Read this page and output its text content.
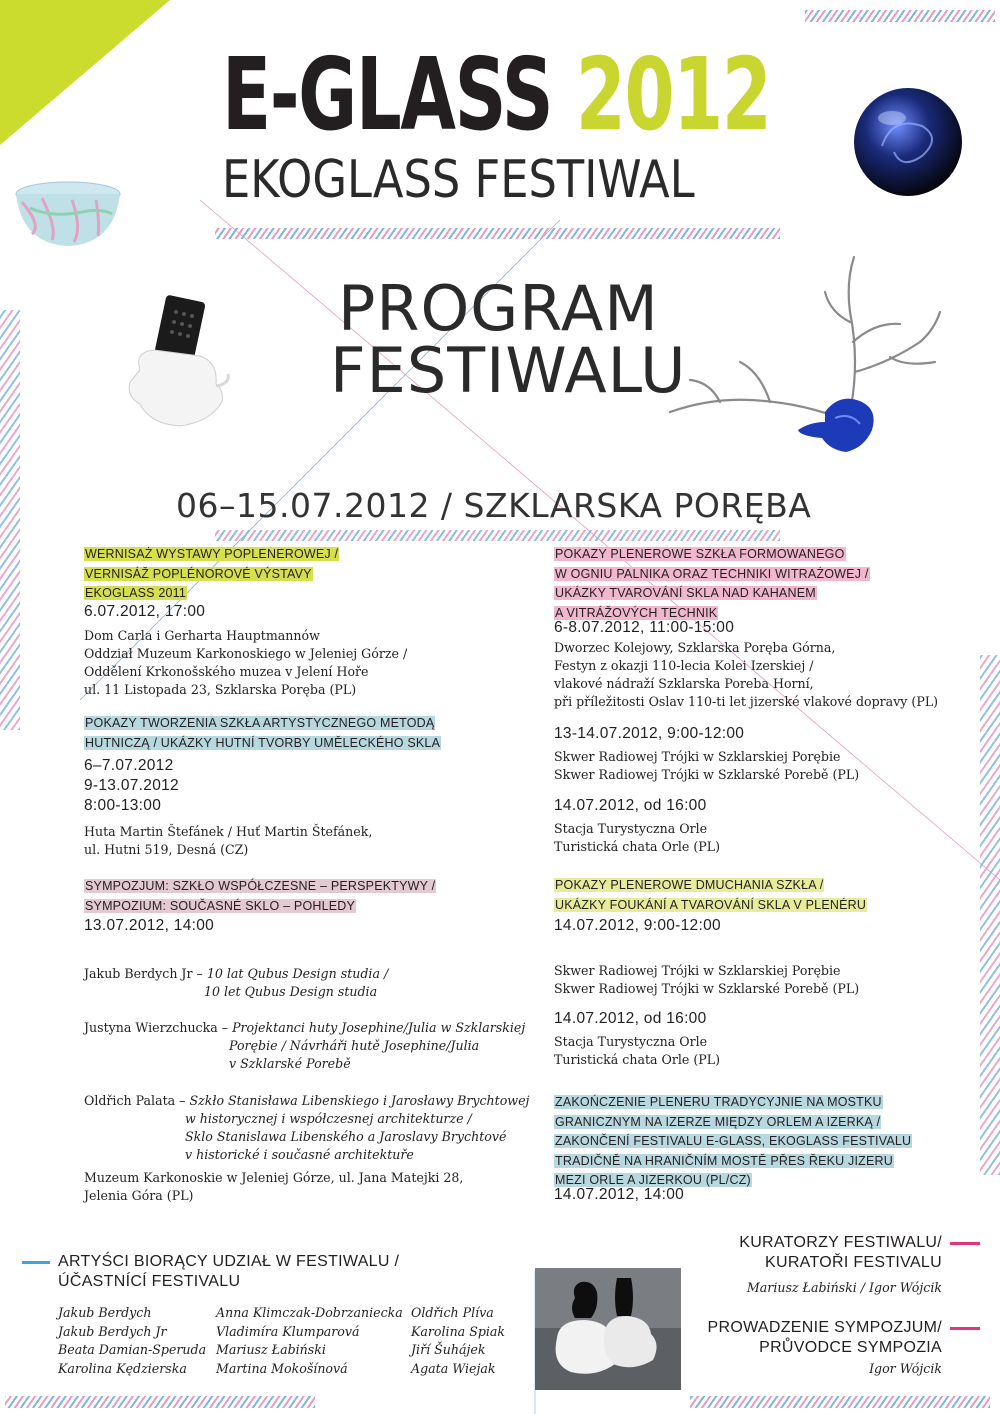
E-GLASS 2012
EKOGLASS FESTIWAL
PROGRAM
FESTIWALU
06–15.07.2012 / SZKLARSKA PORĘBA
WERNISAŻ WYSTAWY POPLENEROWEJ /
VERNISÁŽ POPLÉNOROVÉ VÝSTAVY
EKOGLASS 2011
6.07.2012, 17:00
Dom Carla i Gerharta Hauptmannów
Oddział Muzeum Karkonoskiego w Jeleniej Górze /
Oddělení Krkonošského muzea v Jelení Hoře
ul. 11 Listopada 23, Szklarska Poręba (PL)
POKAZY TWORZENIA SZKŁA ARTYSTYCZNEGO METODĄ
HUTNICZĄ / UKÁZKY HUTNÍ TVORBY UMĚLECKÉHO SKLA
6–7.07.2012
9-13.07.2012
8:00-13:00
Huta Martin Štefánek / Huť Martin Štefánek,
ul. Hutni 519, Desná (CZ)
SYMPOZJUM: SZKŁO WSPÓŁCZESNE – PERSPEKTYWY /
SYMPOZIUM: SOUČASNÉ SKLO – POHLEDY
13.07.2012, 14:00
Jakub Berdych Jr – 10 lat Qubus Design studia /
10 let Qubus Design studia
Justyna Wierzchucka – Projektanci huty Josephine/Julia w Szklarskiej
Porębie / Návrháři hutě Josephine/Julia
v Szklarské Porebě
Oldřich Palata – Szkło Stanisława Libenskiego i Jarosławy Brychtowej
w historycznej i współczesnej architekturze /
Sklo Stanislawa Libenského a Jaroslavy Brychtové
v historické i současné architektuře
Muzeum Karkonoskie w Jeleniej Górze, ul. Jana Matejki 28,
Jelenia Góra (PL)
POKAZY PLENEROWE SZKŁA FORMOWANEGO
W OGNIU PALNIKA ORAZ TECHNIKI WITRAŻOWEJ /
UKÁZKY TVAROVÁNÍ SKLA NAD KAHANEM
A VITRÁŽOVÝCH TECHNIK
6-8.07.2012, 11:00-15:00
Dworzec Kolejowy, Szklarska Poręba Górna,
Festyn z okazji 110-lecia Kolei Izerskiej /
vlakové nádraží Szklarska Poreba Horní,
při příležitosti Oslav 110-ti let jizerské vlakové dopravy (PL)
13-14.07.2012, 9:00-12:00
Skwer Radiowej Trójki w Szklarskiej Porębie
Skwer Radiowej Trójki w Szklarské Porebě (PL)
14.07.2012, od 16:00
Stacja Turystyczna Orle
Turistická chata Orle (PL)
POKAZY PLENEROWE DMUCHANIA SZKŁA /
UKÁZKY FOUKÁNÍ A TVAROVÁNÍ SKLA V PLENÉRU
14.07.2012, 9:00-12:00
Skwer Radiowej Trójki w Szklarskiej Porębie
Skwer Radiowej Trójki w Szklarské Porebě (PL)
14.07.2012, od 16:00
Stacja Turystyczna Orle
Turistická chata Orle (PL)
ZAKOŃCZENIE PLENERU TRADYCYJNIE NA MOSTKU
GRANICZNYM NA IZERZE MIĘDZY ORLEM A IZERKĄ /
ZAKONČENÍ FESTIVALU E-GLASS, EKOGLASS FESTIVALU
TRADIČNĚ NA HRANIČNÍM MOSTĚ PŘES ŘEKU JIZERU
MEZI ORLE A JIZERKOU (PL/CZ)
14.07.2012, 14:00
ARTYŚCI BIORĄCY UDZIAŁ W FESTIWALU /
ÚČASTNÍCÍ FESTIVALU
Jakub Berdych
Jakub Berdych Jr
Beata Damian-Speruda
Karolina Kędzierska
Anna Klimczak-Dobrzaniecka
Vladimíra Klumparová
Mariusz Łabiński
Martina Mokošínová
Oldřich Plíva
Karolina Spiak
Jiří Šuhájek
Agata Wiejak
KURATORZY FESTIWALU/
KURATOŘI FESTIVALU
Mariusz Łabiński / Igor Wójcik
PROWADZENIE SYMPOZJUM/
PRŮVODCE SYMPOZIA
Igor Wójcik
